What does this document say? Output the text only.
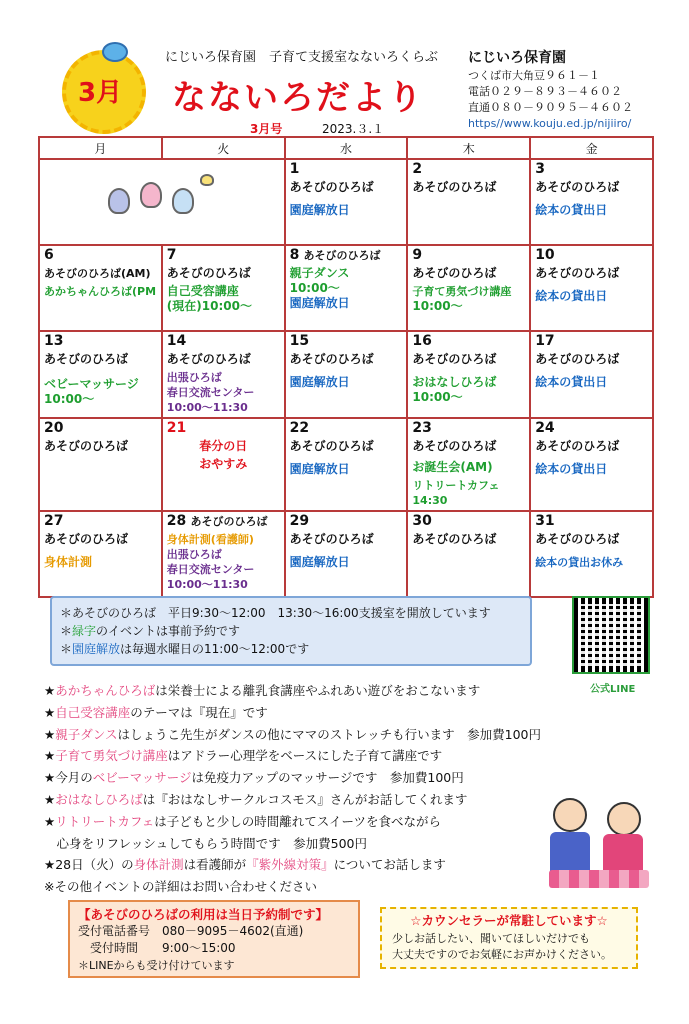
3月
にじいろ保育園　子育て支援室なないろくらぶ
なないろだより
3月号	2023.３.１
にじいろ保育園
つくば市大角豆９６１－１
電話０２９－８９３－４６０２
直通０８０－９０９５－４６０２
https//www.kouju.ed.jp/nijiiro/
月	火	水	木	金

		1
あそびのひろば
園庭解放日	2
あそびのひろば	3
あそびのひろば
絵本の貸出日

6
あそびのひろば(AM)
あかちゃんひろば(PM	7
あそびのひろば
自己受容講座
(現在)10:00～	8 あそびのひろば
親子ダンス
10:00～
園庭解放日	9
あそびのひろば
子育て勇気づけ講座
10:00～	10
あそびのひろば
絵本の貸出日

13
あそびのひろば
ベビーマッサージ
10:00～	14
あそびのひろば
出張ひろば
春日交流センター
10:00～11:30	15
あそびのひろば
園庭解放日	16
あそびのひろば
おはなしひろば
10:00～	17
あそびのひろば
絵本の貸出日

20
あそびのひろば	21
春分の日
おやすみ	22
あそびのひろば
園庭解放日	23
あそびのひろば
お誕生会(AM)
リトリートカフェ14:30	24
あそびのひろば
絵本の貸出日

27
あそびのひろば
身体計測	28 あそびのひろば
身体計測(看護師)
出張ひろば
春日交流センター
10:00～11:30	29
あそびのひろば
園庭解放日	30
あそびのひろば	31
あそびのひろば
絵本の貸出お休み
＊あそびのひろば　平日9:30～12:00　13:30～16:00支援室を開放しています
＊緑字のイベントは事前予約です
＊園庭解放は毎週水曜日の11:00～12:00です
公式LINE
★あかちゃんひろばは栄養士による離乳食講座やふれあい遊びをおこないます
★自己受容講座のテーマは『現在』です
★親子ダンスはしょうこ先生がダンスの他にママのストレッチも行います　参加費100円
★子育て勇気づけ講座はアドラー心理学をベースにした子育て講座です
★今月のベビーマッサージは免疫力アップのマッサージです　参加費100円
★おはなしひろばは『おはなしサークルコスモス』さんがお話してくれます
★リトリートカフェは子どもと少しの時間離れてスイーツを食べながら
　心身をリフレッシュしてもらう時間です　参加費500円
★28日（火）の身体計測は看護師が『紫外線対策』についてお話します
※その他イベントの詳細はお問い合わせください
【あそびのひろばの利用は当日予約制です】
受付電話番号 080－9095－4602(直通)
受付時間 9:00～15:00
＊LINEからも受け付けています
☆カウンセラーが常駐しています☆
少しお話したい、聞いてほしいだけでも
大丈夫ですのでお気軽にお声かけください。
